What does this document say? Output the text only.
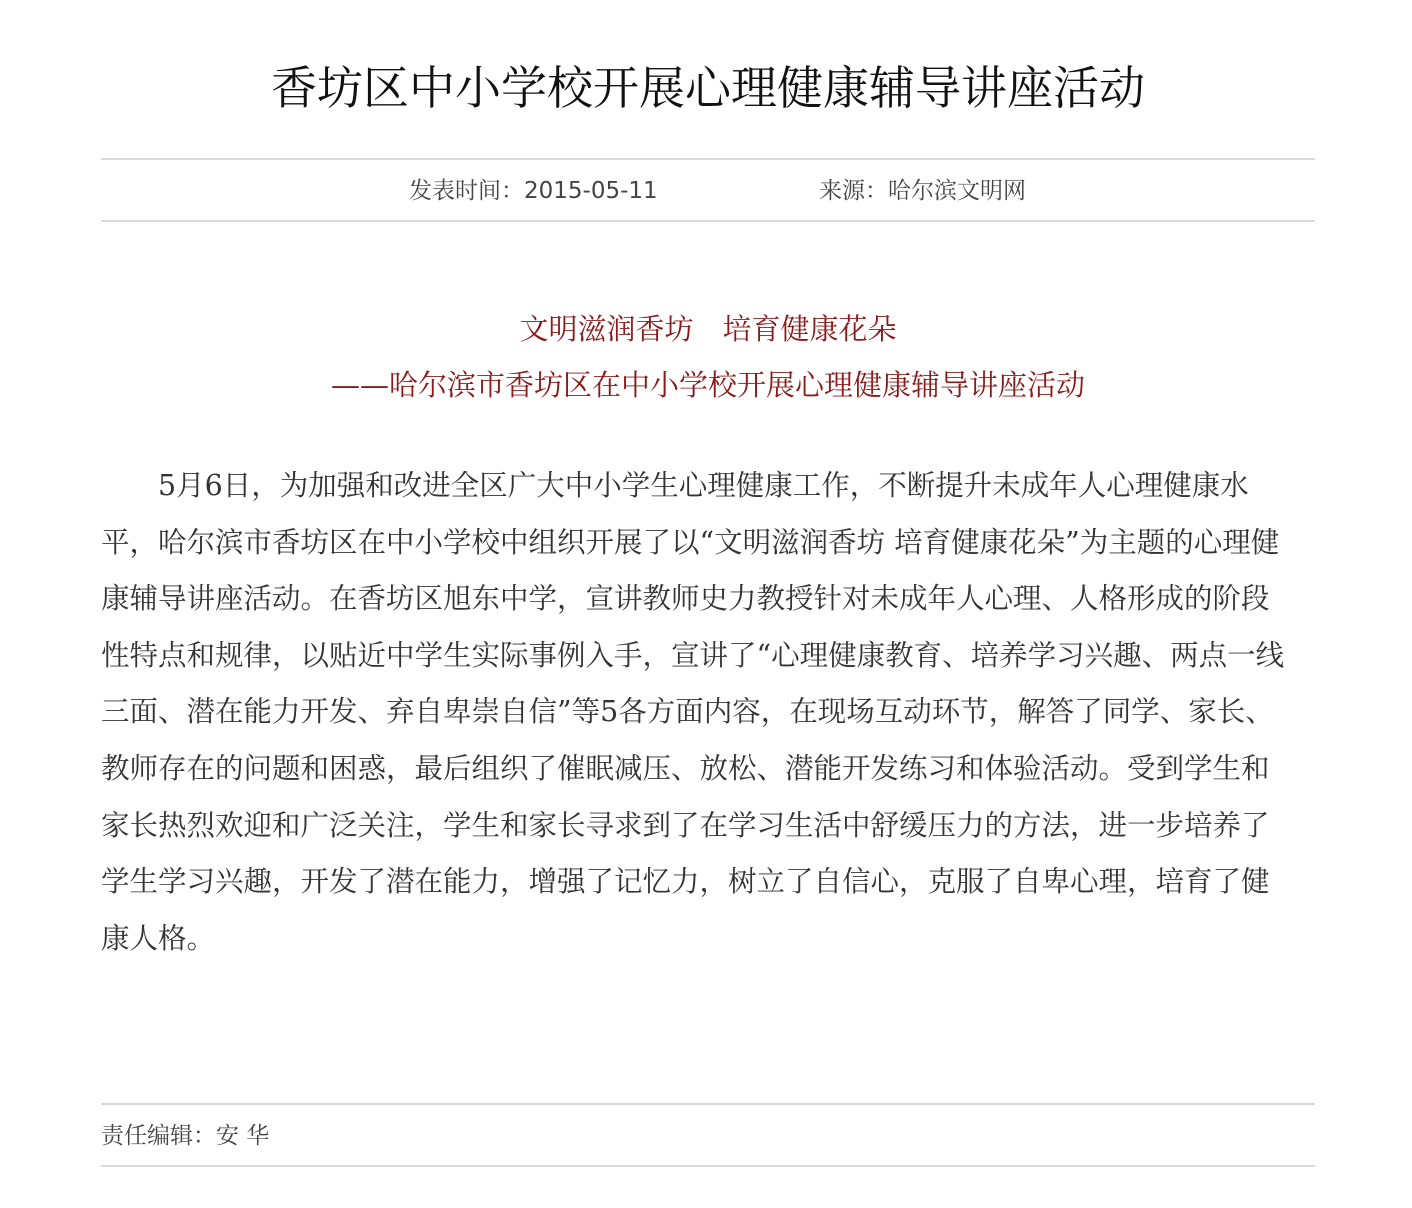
香坊区中小学校开展心理健康辅导讲座活动
发表时间：2015-05-11	来源：哈尔滨文明网
文明滋润香坊　培育健康花朵
——哈尔滨市香坊区在中小学校开展心理健康辅导讲座活动

5月6日，为加强和改进全区广大中小学生心理健康工作，不断提升未成年人心理健康水平，哈尔滨市香坊区在中小学校中组织开展了以“文明滋润香坊 培育健康花朵”为主题的心理健康辅导讲座活动。在香坊区旭东中学，宣讲教师史力教授针对未成年人心理、人格形成的阶段性特点和规律，以贴近中学生实际事例入手，宣讲了“心理健康教育、培养学习兴趣、两点一线三面、潜在能力开发、弃自卑崇自信”等5各方面内容，在现场互动环节，解答了同学、家长、教师存在的问题和困惑，最后组织了催眠减压、放松、潜能开发练习和体验活动。受到学生和家长热烈欢迎和广泛关注，学生和家长寻求到了在学习生活中舒缓压力的方法，进一步培养了学生学习兴趣，开发了潜在能力，增强了记忆力，树立了自信心，克服了自卑心理，培育了健康人格。

责任编辑：安 华
